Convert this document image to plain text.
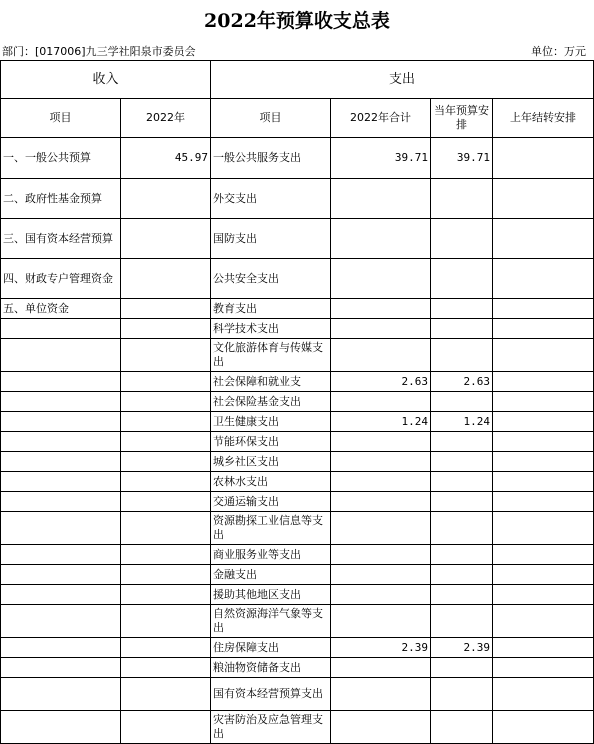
2022年预算收支总表
部门：[017006]九三学社阳泉市委员会	单位：万元
收入		支出			
项目	2022年	项目	2022年合计	当年预算安排	上年结转安排
一、一般公共预算	45.97	一般公共服务支出	39.71	39.71	
二、政府性基金预算		外交支出			
三、国有资本经营预算		国防支出			
四、财政专户管理资金		公共安全支出			
五、单位资金		教育支出			
		科学技术支出			
		文化旅游体育与传媒支出			
		社会保障和就业支	2.63	2.63	
		社会保险基金支出			
		卫生健康支出	1.24	1.24	
		节能环保支出			
		城乡社区支出			
		农林水支出			
		交通运输支出			
		资源勘探工业信息等支出			
		商业服务业等支出			
		金融支出			
		援助其他地区支出			
		自然资源海洋气象等支出			
		住房保障支出	2.39	2.39	
		粮油物资储备支出			
		国有资本经营预算支出			
		灾害防治及应急管理支出			
